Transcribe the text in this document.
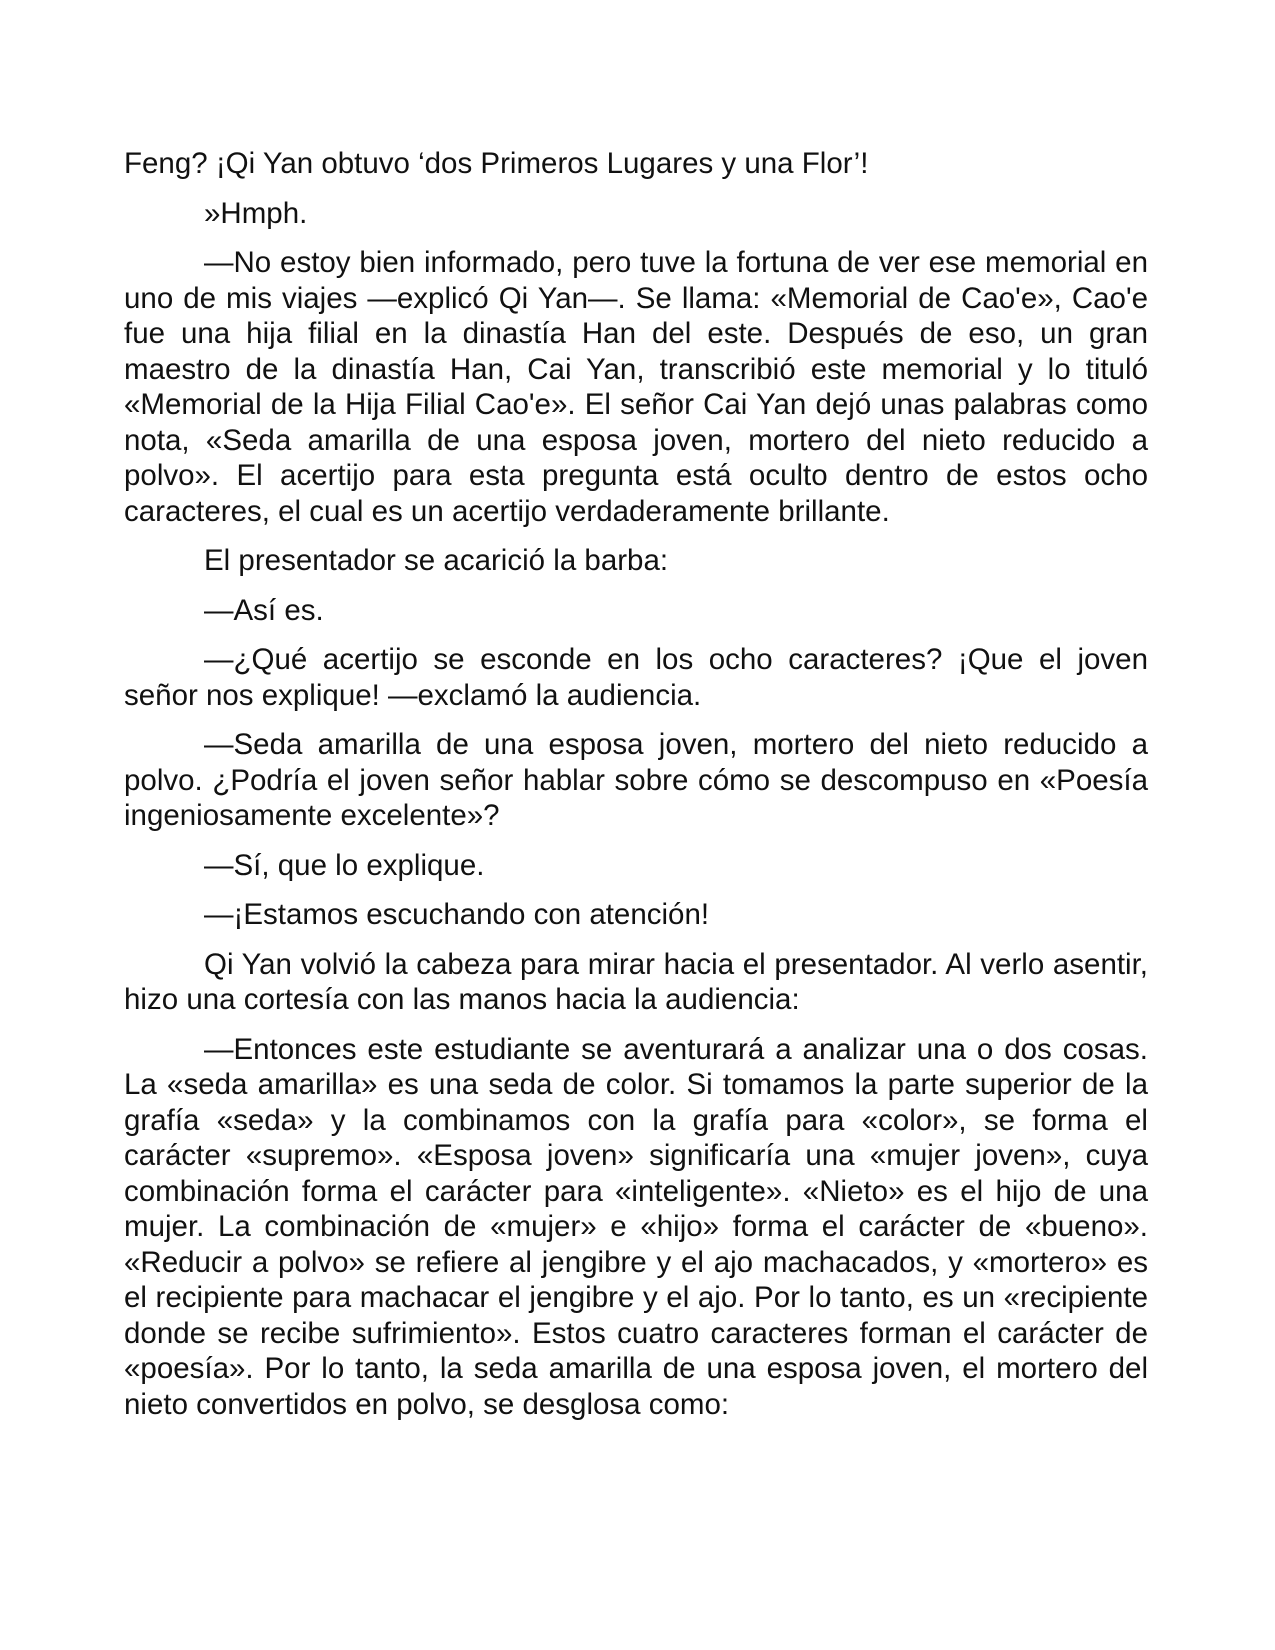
Feng? ¡Qi Yan obtuvo ‘dos Primeros Lugares y una Flor’!

»Hmph.

—No estoy bien informado, pero tuve la fortuna de ver ese memorial en uno de mis viajes —explicó Qi Yan—. Se llama: «Memorial de Cao'e», Cao'e fue una hija filial en la dinastía Han del este. Después de eso, un gran maestro de la dinastía Han, Cai Yan, transcribió este memorial y lo tituló «Memorial de la Hija Filial Cao'e». El señor Cai Yan dejó unas palabras como nota, «Seda amarilla de una esposa joven, mortero del nieto reducido a polvo». El acertijo para esta pregunta está oculto dentro de estos ocho caracteres, el cual es un acertijo verdaderamente brillante.

El presentador se acarició la barba:

—Así es.

—¿Qué acertijo se esconde en los ocho caracteres? ¡Que el joven señor nos explique! —exclamó la audiencia.

—Seda amarilla de una esposa joven, mortero del nieto reducido a polvo. ¿Podría el joven señor hablar sobre cómo se descompuso en «Poesía ingeniosamente excelente»?

—Sí, que lo explique.

—¡Estamos escuchando con atención!

Qi Yan volvió la cabeza para mirar hacia el presentador. Al verlo asentir, hizo una cortesía con las manos hacia la audiencia:

—Entonces este estudiante se aventurará a analizar una o dos cosas. La «seda amarilla» es una seda de color. Si tomamos la parte superior de la grafía «seda» y la combinamos con la grafía para «color», se forma el carácter «supremo». «Esposa joven» significaría una «mujer joven», cuya combinación forma el carácter para «inteligente». «Nieto» es el hijo de una mujer. La combinación de «mujer» e «hijo» forma el carácter de «bueno». «Reducir a polvo» se refiere al jengibre y el ajo machacados, y «mortero» es el recipiente para machacar el jengibre y el ajo. Por lo tanto, es un «recipiente donde se recibe sufrimiento». Estos cuatro caracteres forman el carácter de «poesía». Por lo tanto, la seda amarilla de una esposa joven, el mortero del nieto convertidos en polvo, se desglosa como:
